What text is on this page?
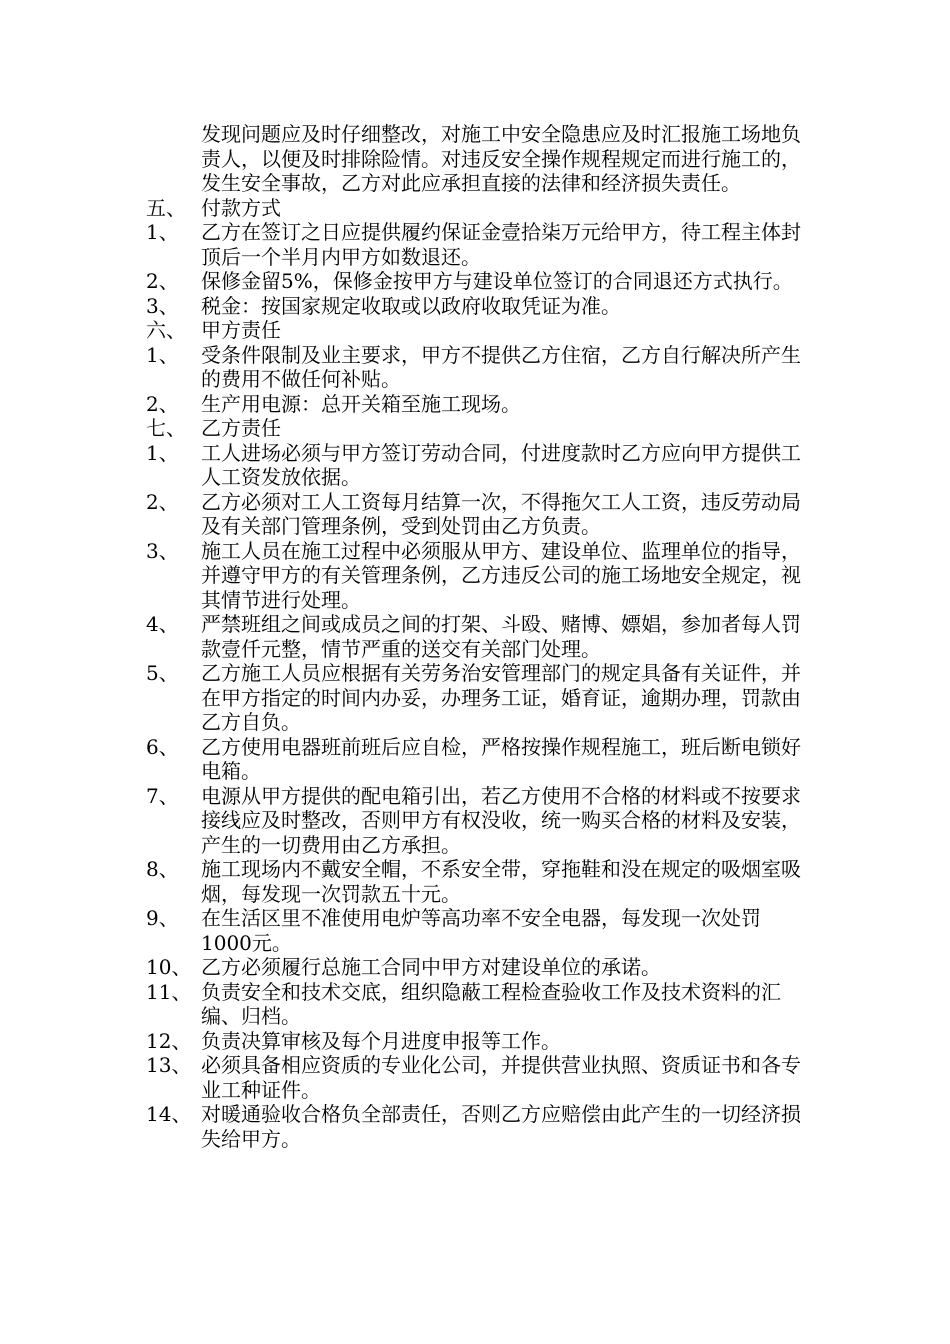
发现问题应及时仔细整改，对施工中安全隐患应及时汇报施工场地负责人，以便及时排除险情。对违反安全操作规程规定而进行施工的，发生安全事故，乙方对此应承担直接的法律和经济损失责任。

五、 付款方式
1、	乙方在签订之日应提供履约保证金壹拾柒万元给甲方，待工程主体封顶后一个半月内甲方如数退还。
2、	保修金留5%，保修金按甲方与建设单位签订的合同退还方式执行。
3、	税金：按国家规定收取或以政府收取凭证为准。
六、 甲方责任
1、	受条件限制及业主要求，甲方不提供乙方住宿，乙方自行解决所产生的费用不做任何补贴。
2、	生产用电源：总开关箱至施工现场。
七、 乙方责任
1、	工人进场必须与甲方签订劳动合同，付进度款时乙方应向甲方提供工人工资发放依据。
2、	乙方必须对工人工资每月结算一次，不得拖欠工人工资，违反劳动局及有关部门管理条例，受到处罚由乙方负责。
3、	施工人员在施工过程中必须服从甲方、建设单位、监理单位的指导，并遵守甲方的有关管理条例，乙方违反公司的施工场地安全规定，视其情节进行处理。
4、	严禁班组之间或成员之间的打架、斗殴、赌博、嫖娼，参加者每人罚款壹仟元整，情节严重的送交有关部门处理。
5、	乙方施工人员应根据有关劳务治安管理部门的规定具备有关证件，并在甲方指定的时间内办妥，办理务工证，婚育证，逾期办理，罚款由乙方自负。
6、	乙方使用电器班前班后应自检，严格按操作规程施工，班后断电锁好电箱。
7、	电源从甲方提供的配电箱引出，若乙方使用不合格的材料或不按要求接线应及时整改，否则甲方有权没收，统一购买合格的材料及安装，产生的一切费用由乙方承担。
8、	施工现场内不戴安全帽，不系安全带，穿拖鞋和没在规定的吸烟室吸烟，每发现一次罚款五十元。
9、	在生活区里不准使用电炉等高功率不安全电器，每发现一次处罚1000元。
10、 乙方必须履行总施工合同中甲方对建设单位的承诺。
11、 负责安全和技术交底，组织隐蔽工程检查验收工作及技术资料的汇编、归档。
12、 负责决算审核及每个月进度申报等工作。
13、 必须具备相应资质的专业化公司，并提供营业执照、资质证书和各专业工种证件。
14、 对暖通验收合格负全部责任，否则乙方应赔偿由此产生的一切经济损失给甲方。
